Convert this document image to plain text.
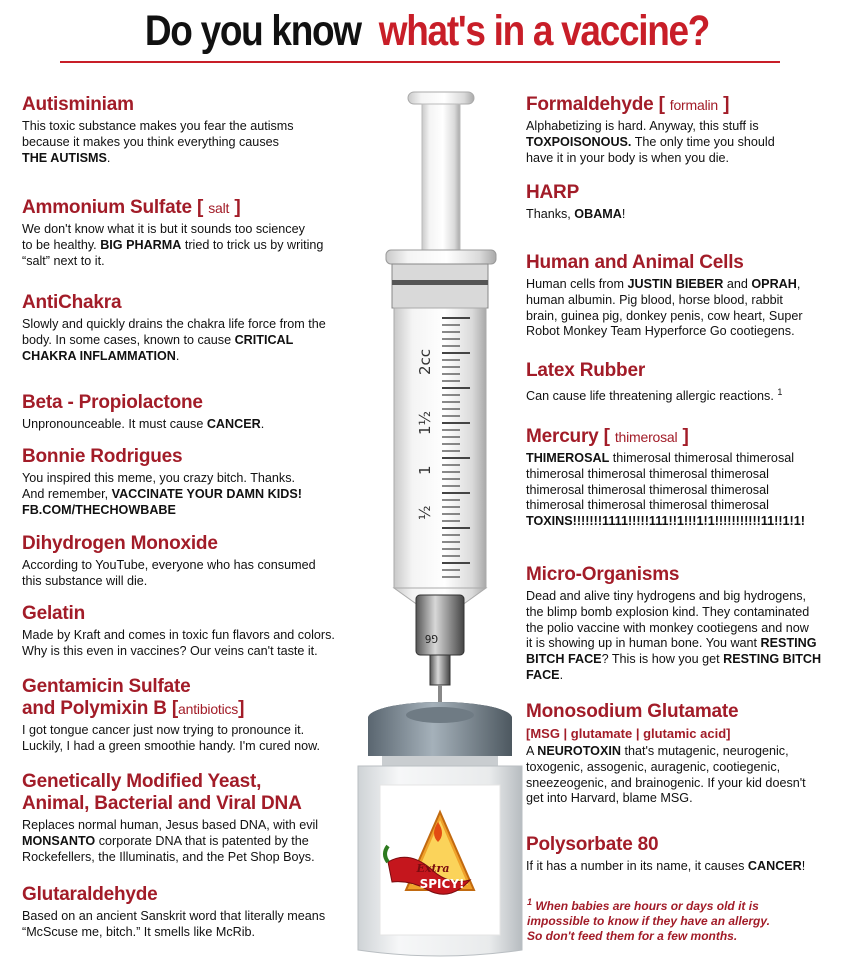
Do you know what's in a vaccine?
Autisminiam
This toxic substance makes you fear the autisms
because it makes you think everything causes
THE AUTISMS.
Ammonium Sulfate [ salt ]
We don't know what it is but it sounds too sciencey
to be healthy. BIG PHARMA tried to trick us by writing
“salt” next to it.
AntiChakra
Slowly and quickly drains the chakra life force from the
body. In some cases, known to cause CRITICAL
CHAKRA INFLAMMATION.
Beta - Propiolactone
Unpronounceable. It must cause CANCER.
Bonnie Rodrigues
You inspired this meme, you crazy bitch. Thanks.
And remember, VACCINATE YOUR DAMN KIDS!
FB.COM/THECHOWBABE
Dihydrogen Monoxide
According to YouTube, everyone who has consumed
this substance will die.
Gelatin
Made by Kraft and comes in toxic fun flavors and colors.
Why is this even in vaccines? Our veins can't taste it.
Gentamicin Sulfate
and Polymixin B [antibiotics]
I got tongue cancer just now trying to pronounce it.
Luckily, I had a green smoothie handy. I'm cured now.
Genetically Modified Yeast,
Animal, Bacterial and Viral DNA
Replaces normal human, Jesus based DNA, with evil
MONSANTO corporate DNA that is patented by the
Rockefellers, the Illuminatis, and the Pet Shop Boys.
Glutaraldehyde
Based on an ancient Sanskrit word that literally means
“McScuse me, bitch.” It smells like McRib.
Formaldehyde [ formalin ]
Alphabetizing is hard. Anyway, this stuff is
TOXPOISONOUS. The only time you should
have it in your body is when you die.
HARP
Thanks, OBAMA!
Human and Animal Cells
Human cells from JUSTIN BIEBER and OPRAH,
human albumin. Pig blood, horse blood, rabbit
brain, guinea pig, donkey penis, cow heart, Super
Robot Monkey Team Hyperforce Go cootiegens.
Latex Rubber
Can cause life threatening allergic reactions. $^1$
Mercury [ thimerosal ]
THIMEROSAL thimerosal thimerosal thimerosal
thimerosal thimerosal thimerosal thimerosal
thimerosal thimerosal thimerosal thimerosal
thimerosal thimerosal thimerosal thimerosal
TOXINS!!!!!!!1111!!!!!111!!1!!!1!1!!!!!!!!!!!11!!1!1!
Micro-Organisms
Dead and alive tiny hydrogens and big hydrogens,
the blimp bomb explosion kind. They contaminated
the polio vaccine with monkey cootiegens and now
it is showing up in human bone. You want RESTING
BITCH FACE? This is how you get RESTING BITCH
FACE.
Monosodium Glutamate
[MSG | glutamate | glutamic acid]
A NEUROTOXIN that's mutagenic, neurogenic,
toxogenic, assogenic, auragenic, cootiegenic,
sneezeogenic, and brainogenic. If your kid doesn't
get into Harvard, blame MSG.
Polysorbate 80
If it has a number in its name, it causes CANCER!
2cc
1½
1
½
G6
Extra
SPICY!
$^1$ When babies are hours or days old it is
impossible to know if they have an allergy.
So don't feed them for a few months.
